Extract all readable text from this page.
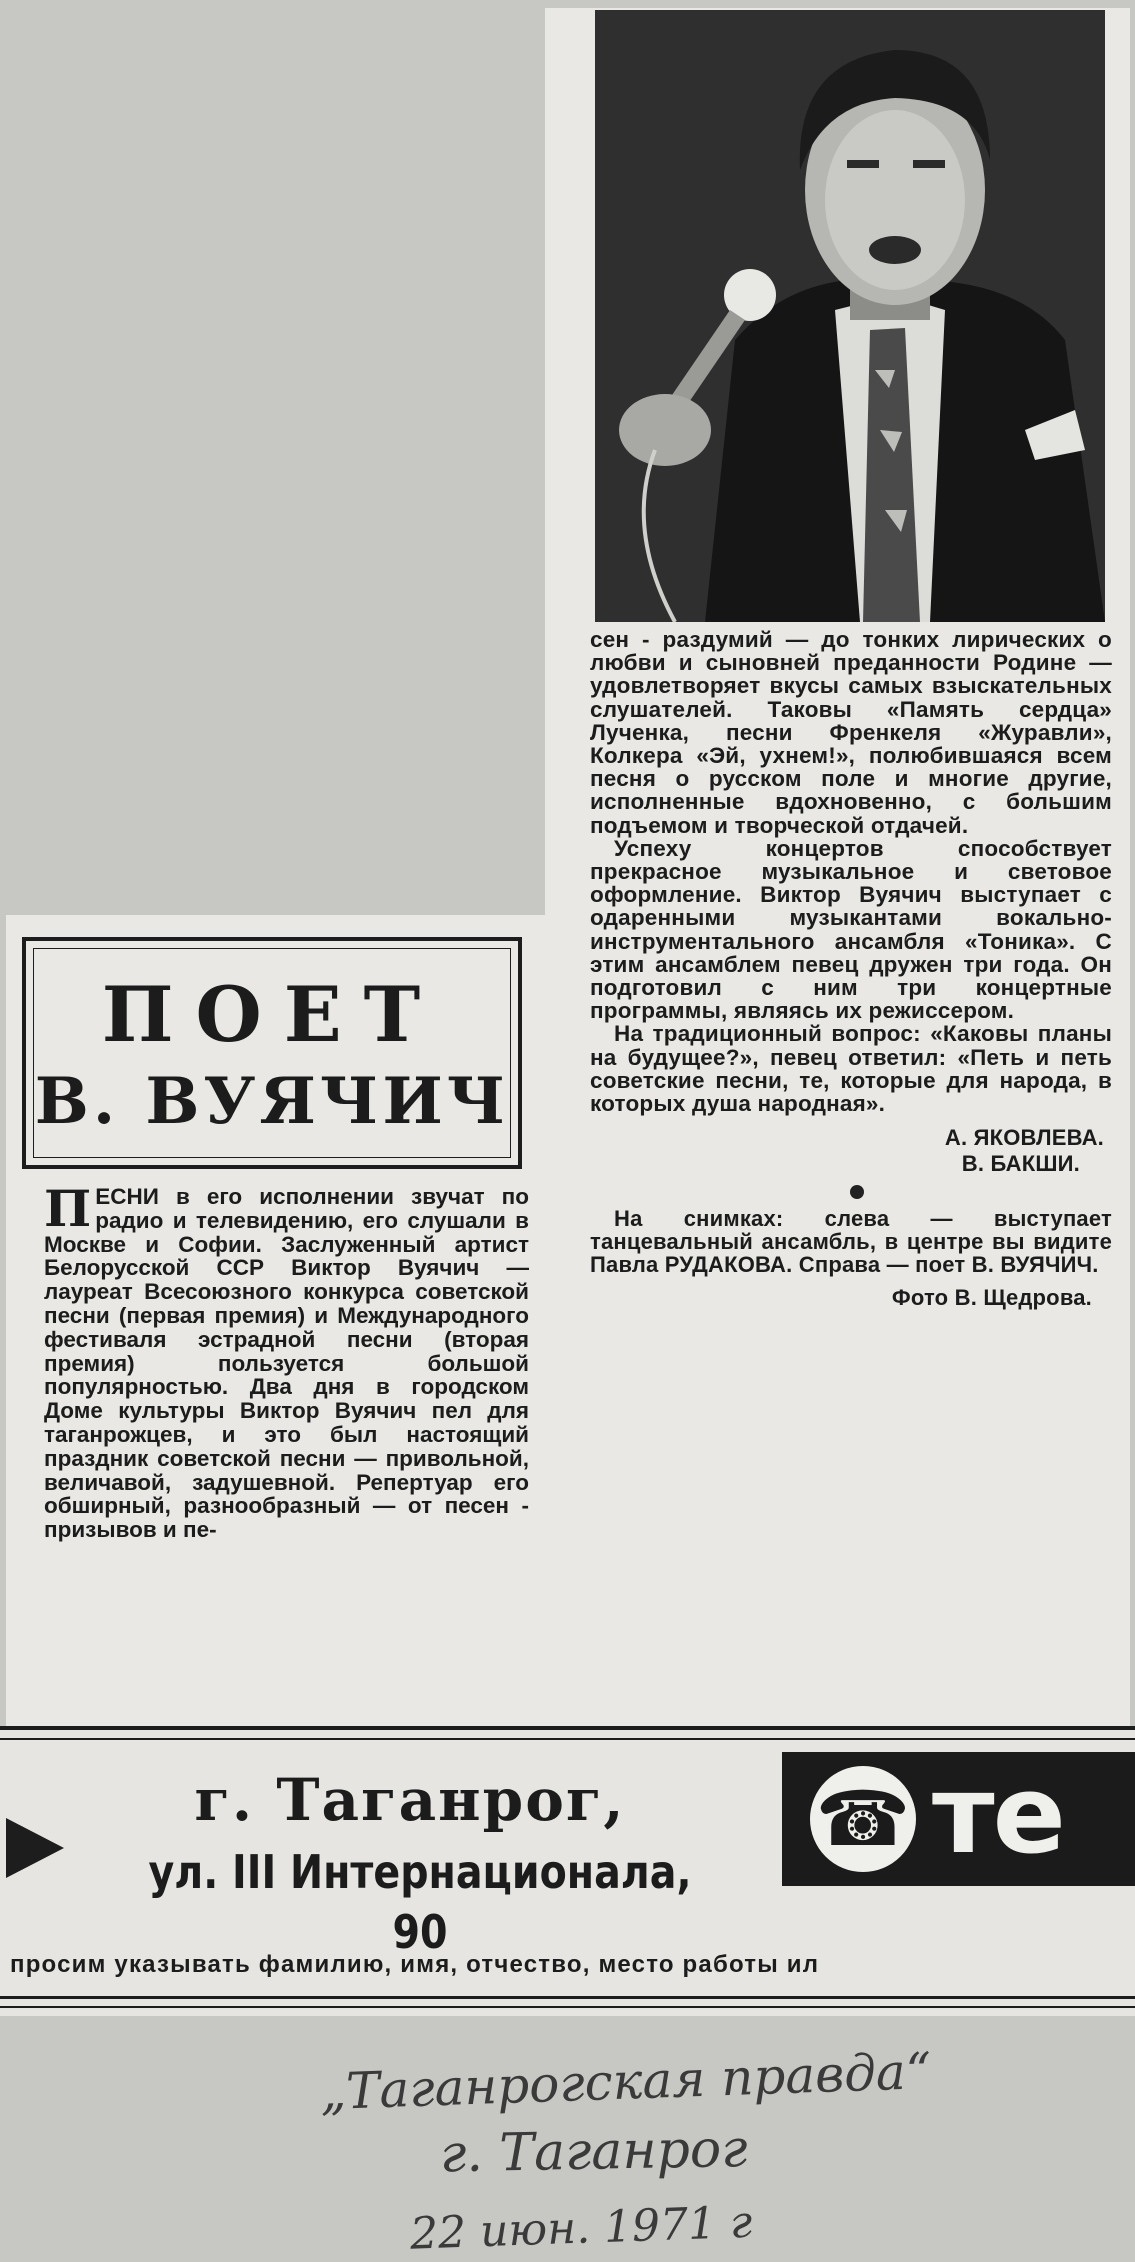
сен - раздумий — до тонких лирических о любви и сыновней преданности Родине — удовлетворяет вкусы самых взыскательных слушателей. Таковы «Память сердца» Лученка, песни Френкеля «Журавли», Колкера «Эй, ухнем!», полюбившаяся всем песня о русском поле и многие другие, исполненные вдохновенно, с большим подъемом и творческой отдачей.

Успеху концертов способствует прекрасное музыкальное и световое оформление. Виктор Вуячич выступает с одаренными музыкантами вокально-инструментального ансамбля «Тоника». С этим ансамблем певец дружен три года. Он подготовил с ним три концертные программы, являясь их режиссером.

На традиционный вопрос: «Каковы планы на будущее?», певец ответил: «Петь и петь советские песни, те, которые для народа, в которых душа народная».

А. ЯКОВЛЕВА.
В. БАКШИ.

На снимках: слева — выступает танцевальный ансамбль, в центре вы видите Павла РУДАКОВА. Справа — поет В. ВУЯЧИЧ.

Фото В. Щедрова.
ПОЕТ
В. ВУЯЧИЧ
ПЕСНИ в его исполнении звучат по радио и телевидению, его слушали в Москве и Софии. Заслуженный артист Белорусской ССР Виктор Вуячич — лауреат Всесоюзного конкурса советской песни (первая премия) и Международного фестиваля эстрадной песни (вторая премия) пользуется большой популярностью. Два дня в городском Доме культуры Виктор Вуячич пел для таганрожцев, и это был настоящий праздник советской песни — привольной, величавой, задушевной. Репертуар его обширный, разнообразный — от песен - призывов и пе-
г. Таганрог,
ул. III Интернационала, 90
☎ те
просим указывать фамилию, имя, отчество, место работы ил
„Таганрогская правда“
г. Таганрог
22 июн. 1971 г
